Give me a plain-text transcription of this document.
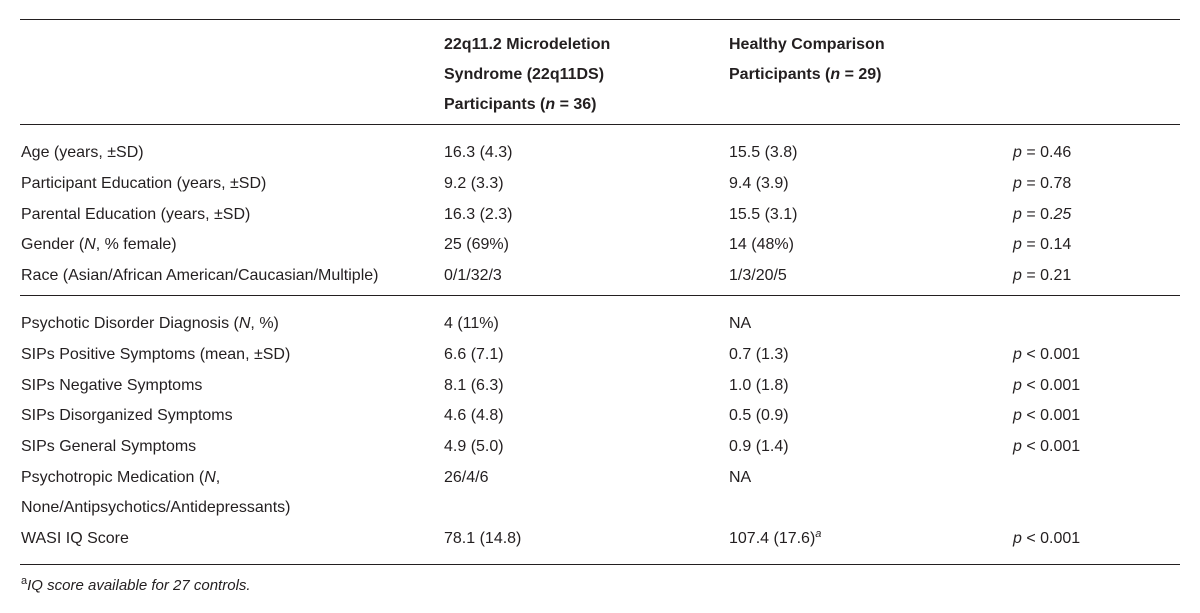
22q11.2 Microdeletion
Syndrome (22q11DS)
Participants (n = 36)
Healthy Comparison
Participants (n = 29)
Age (years, ±SD)	16.3 (4.3)	15.5 (3.8)	p = 0.46
Participant Education (years, ±SD)	9.2 (3.3)	9.4 (3.9)	p = 0.78
Parental Education (years, ±SD)	16.3 (2.3)	15.5 (3.1)	p = 0.25
Gender (N, % female)	25 (69%)	14 (48%)	p = 0.14
Race (Asian/African American/Caucasian/Multiple)	0/1/32/3	1/3/20/5	p = 0.21
Psychotic Disorder Diagnosis (N, %)	4 (11%)	NA
SIPs Positive Symptoms (mean, ±SD)	6.6 (7.1)	0.7 (1.3)	p < 0.001
SIPs Negative Symptoms	8.1 (6.3)	1.0 (1.8)	p < 0.001
SIPs Disorganized Symptoms	4.6 (4.8)	0.5 (0.9)	p < 0.001
SIPs General Symptoms	4.9 (5.0)	0.9 (1.4)	p < 0.001
Psychotropic Medication (N,	26/4/6	NA
None/Antipsychotics/Antidepressants)
WASI IQ Score	78.1 (14.8)	107.4 $(17.6)^a$	p < 0.001
$^a$IQ score available for 27 controls.
